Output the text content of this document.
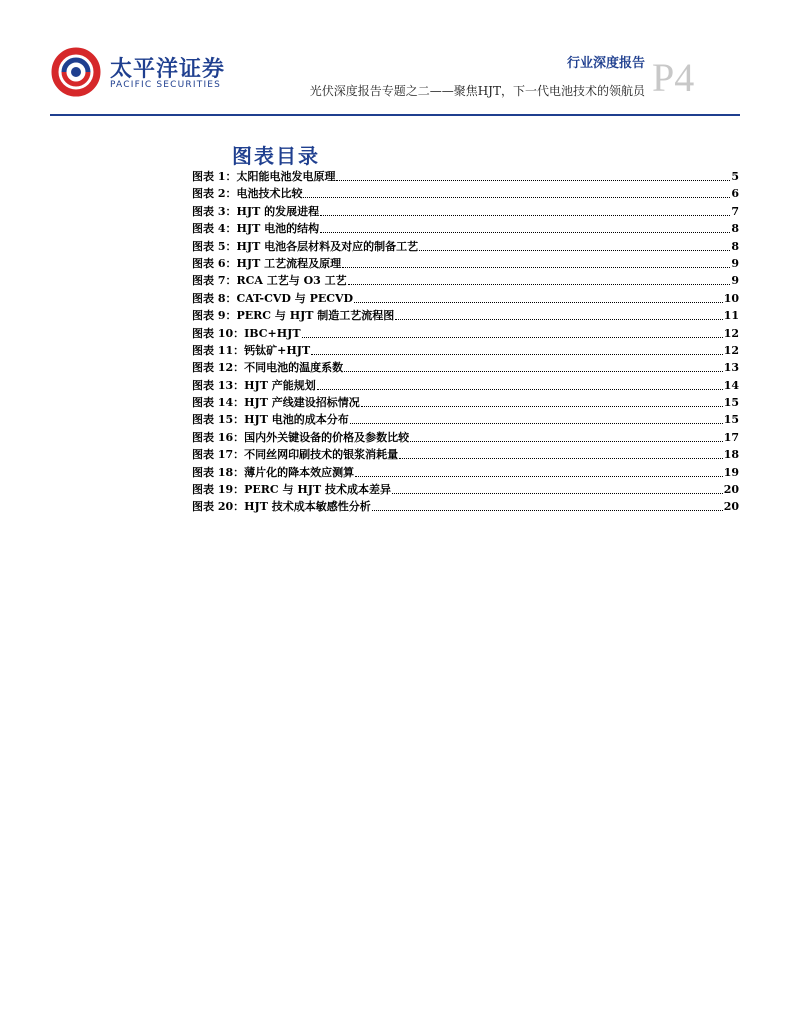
太平洋证券
PACIFIC SECURITIES
行业深度报告 P4
光伏深度报告专题之二——聚焦HJT，下一代电池技术的领航员
图表目录
图表 1：太阳能电池发电原理	5
图表 2：电池技术比较	6
图表 3：HJT 的发展进程	7
图表 4：HJT 电池的结构	8
图表 5：HJT 电池各层材料及对应的制备工艺	8
图表 6：HJT 工艺流程及原理	9
图表 7：RCA 工艺与 O3 工艺	9
图表 8：CAT-CVD 与 PECVD	10
图表 9：PERC 与 HJT 制造工艺流程图	11
图表 10：IBC+HJT	12
图表 11：钙钛矿+HJT	12
图表 12：不同电池的温度系数	13
图表 13：HJT 产能规划	14
图表 14：HJT 产线建设招标情况	15
图表 15：HJT 电池的成本分布	15
图表 16：国内外关键设备的价格及参数比较	17
图表 17：不同丝网印刷技术的银浆消耗量	18
图表 18：薄片化的降本效应测算	19
图表 19：PERC 与 HJT 技术成本差异	20
图表 20：HJT 技术成本敏感性分析	20
